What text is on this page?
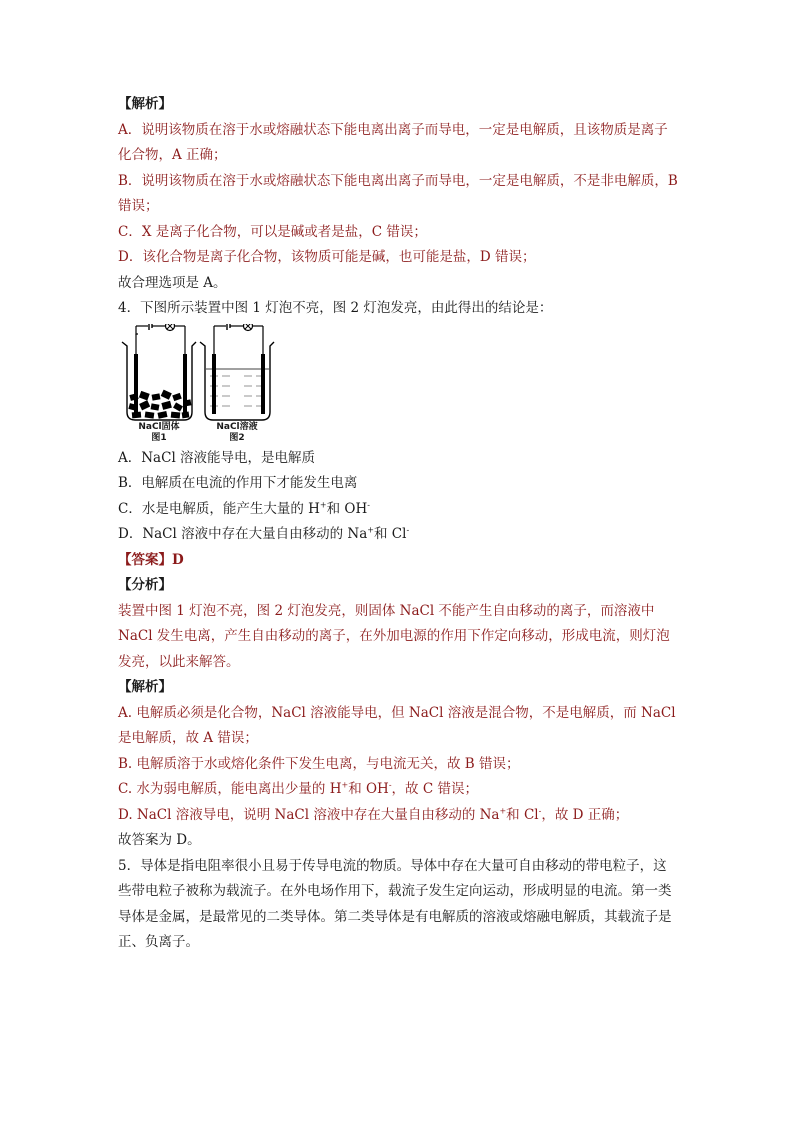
【解析】

A．说明该物质在溶于水或熔融状态下能电离出离子而导电，一定是电解质，且该物质是离子化合物，A 正确；

B．说明该物质在溶于水或熔融状态下能电离出离子而导电，一定是电解质，不是非电解质，B 错误；

C．X 是离子化合物，可以是碱或者是盐，C 错误；

D．该化合物是离子化合物，该物质可能是碱，也可能是盐，D 错误；

故合理选项是 A。

4．下图所示装置中图 1 灯泡不亮，图 2 灯泡发亮，由此得出的结论是：

NaCl固体
图1
NaCl溶液
图2

A．NaCl 溶液能导电，是电解质

B．电解质在电流的作用下才能发生电离

C．水是电解质，能产生大量的 H+和 OH-

D．NaCl 溶液中存在大量自由移动的 Na+和 Cl-

【答案】D

【分析】

装置中图 1 灯泡不亮，图 2 灯泡发亮，则固体 NaCl 不能产生自由移动的离子，而溶液中 NaCl 发生电离，产生自由移动的离子，在外加电源的作用下作定向移动，形成电流，则灯泡发亮，以此来解答。

【解析】

A. 电解质必须是化合物，NaCl 溶液能导电，但 NaCl 溶液是混合物，不是电解质，而 NaCl 是电解质，故 A 错误；

B. 电解质溶于水或熔化条件下发生电离，与电流无关，故 B 错误；

C. 水为弱电解质，能电离出少量的 H+和 OH-，故 C 错误；

D. NaCl 溶液导电，说明 NaCl 溶液中存在大量自由移动的 Na+和 Cl-，故 D 正确；

故答案为 D。

5．导体是指电阻率很小且易于传导电流的物质。导体中存在大量可自由移动的带电粒子，这些带电粒子被称为载流子。在外电场作用下，载流子发生定向运动，形成明显的电流。第一类导体是金属，是最常见的二类导体。第二类导体是有电解质的溶液或熔融电解质，其载流子是正、负离子。
